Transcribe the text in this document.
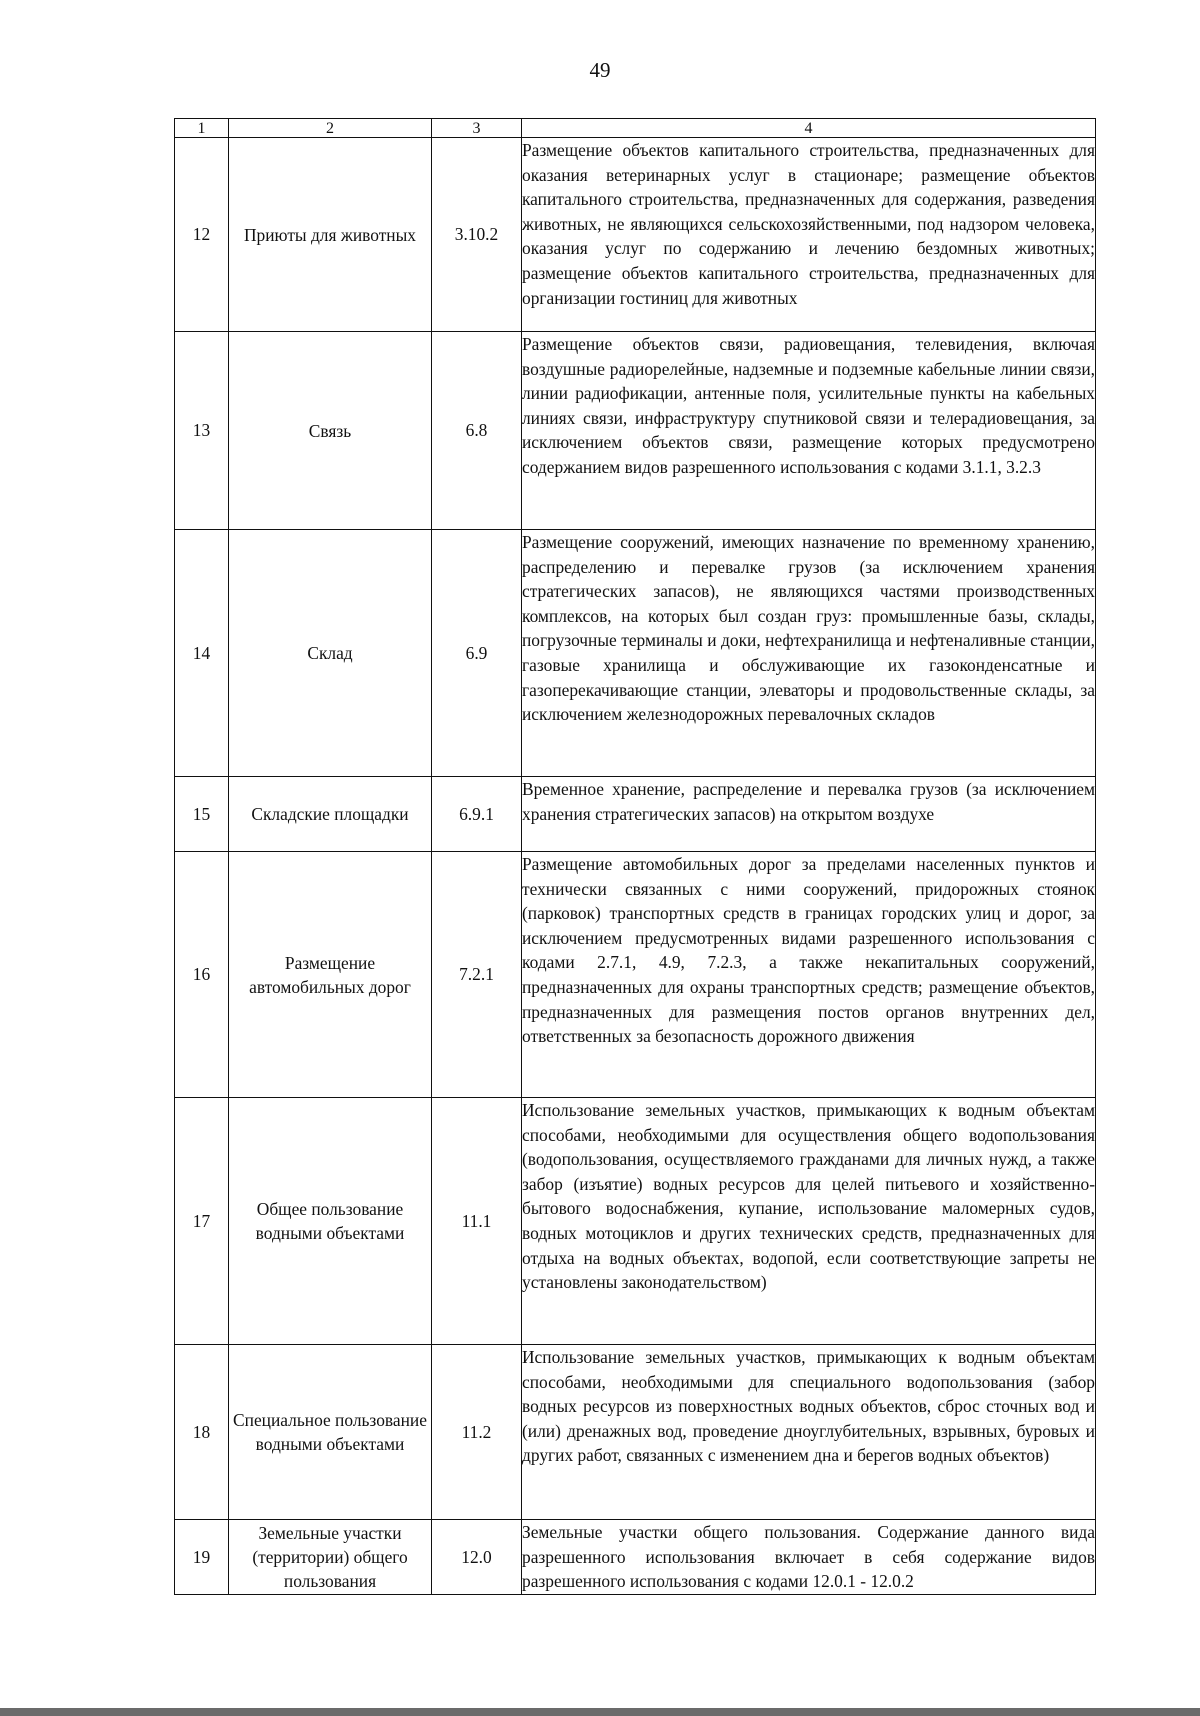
49
1	2	3	4
12	Приюты для животных	3.10.2	Размещение объектов капитального строительства, предназначенных для оказания ветеринарных услуг в стационаре; размещение объектов капитального строительства, предназначенных для содержания, разведения животных, не являющихся сельскохозяйственными, под надзором человека, оказания услуг по содержанию и лечению бездомных животных; размещение объектов капитального строительства, предназначенных для организации гостиниц для животных
13	Связь	6.8	Размещение объектов связи, радиовещания, телевидения, включая воздушные радиорелейные, надземные и подземные кабельные линии связи, линии радиофикации, антенные поля, усилительные пункты на кабельных линиях связи, инфраструктуру спутниковой связи и телерадиовещания, за исключением объектов связи, размещение которых предусмотрено содержанием видов разрешенного использования с кодами 3.1.1, 3.2.3
14	Склад	6.9	Размещение сооружений, имеющих назначение по временному хранению, распределению и перевалке грузов (за исключением хранения стратегических запасов), не являющихся частями производственных комплексов, на которых был создан груз: промышленные базы, склады, погрузочные терминалы и доки, нефтехранилища и нефтеналивные станции, газовые хранилища и обслуживающие их газоконденсатные и газоперекачивающие станции, элеваторы и продовольственные склады, за исключением железнодорожных перевалочных складов
15	Складские площадки	6.9.1	Временное хранение, распределение и перевалка грузов (за исключением хранения стратегических запасов) на открытом воздухе
16	Размещение автомобильных дорог	7.2.1	Размещение автомобильных дорог за пределами населенных пунктов и технически связанных с ними сооружений, придорожных стоянок (парковок) транспортных средств в границах городских улиц и дорог, за исключением предусмотренных видами разрешенного использования с кодами 2.7.1, 4.9, 7.2.3, а также некапитальных сооружений, предназначенных для охраны транспортных средств; размещение объектов, предназначенных для размещения постов органов внутренних дел, ответственных за безопасность дорожного движения
17	Общее пользование водными объектами	11.1	Использование земельных участков, примыкающих к водным объектам способами, необходимыми для осуществления общего водопользования (водопользования, осуществляемого гражданами для личных нужд, а также забор (изъятие) водных ресурсов для целей питьевого и хозяйственно-бытового водоснабжения, купание, использование маломерных судов, водных мотоциклов и других технических средств, предназначенных для отдыха на водных объектах, водопой, если соответствующие запреты не установлены законодательством)
18	Специальное пользование водными объектами	11.2	Использование земельных участков, примыкающих к водным объектам способами, необходимыми для специального водопользования (забор водных ресурсов из поверхностных водных объектов, сброс сточных вод и (или) дренажных вод, проведение дноуглубительных, взрывных, буровых и других работ, связанных с изменением дна и берегов водных объектов)
19	Земельные участки (территории) общего пользования	12.0	Земельные участки общего пользования. Содержание данного вида разрешенного использования включает в себя содержание видов разрешенного использования с кодами 12.0.1 - 12.0.2
